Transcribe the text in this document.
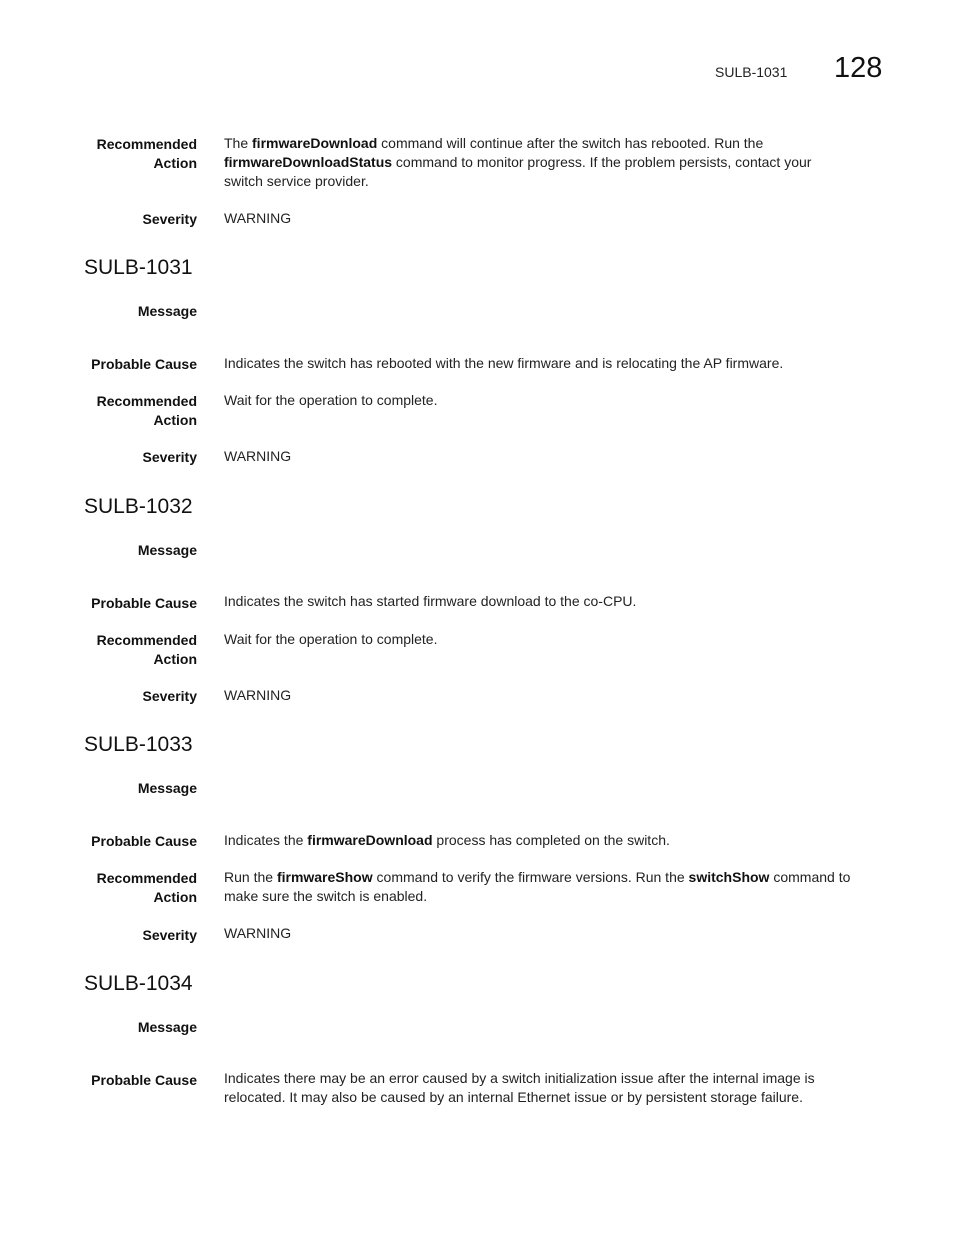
SULB-1031 128
Recommended
Action
The firmwareDownload command will continue after the switch has rebooted. Run the
firmwareDownloadStatus command to monitor progress. If the problem persists, contact your
switch service provider.
Severity WARNING
SULB-1031
Message
Probable Cause Indicates the switch has rebooted with the new firmware and is relocating the AP firmware.
Recommended
Action
Wait for the operation to complete.
Severity WARNING
SULB-1032
Message
Probable Cause Indicates the switch has started firmware download to the co-CPU.
Recommended
Action
Wait for the operation to complete.
Severity WARNING
SULB-1033
Message
Probable Cause Indicates the firmwareDownload process has completed on the switch.
Recommended
Action
Run the firmwareShow command to verify the firmware versions. Run the switchShow command to
make sure the switch is enabled.
Severity WARNING
SULB-1034
Message
Probable Cause Indicates there may be an error caused by a switch initialization issue after the internal image is
relocated. It may also be caused by an internal Ethernet issue or by persistent storage failure.
